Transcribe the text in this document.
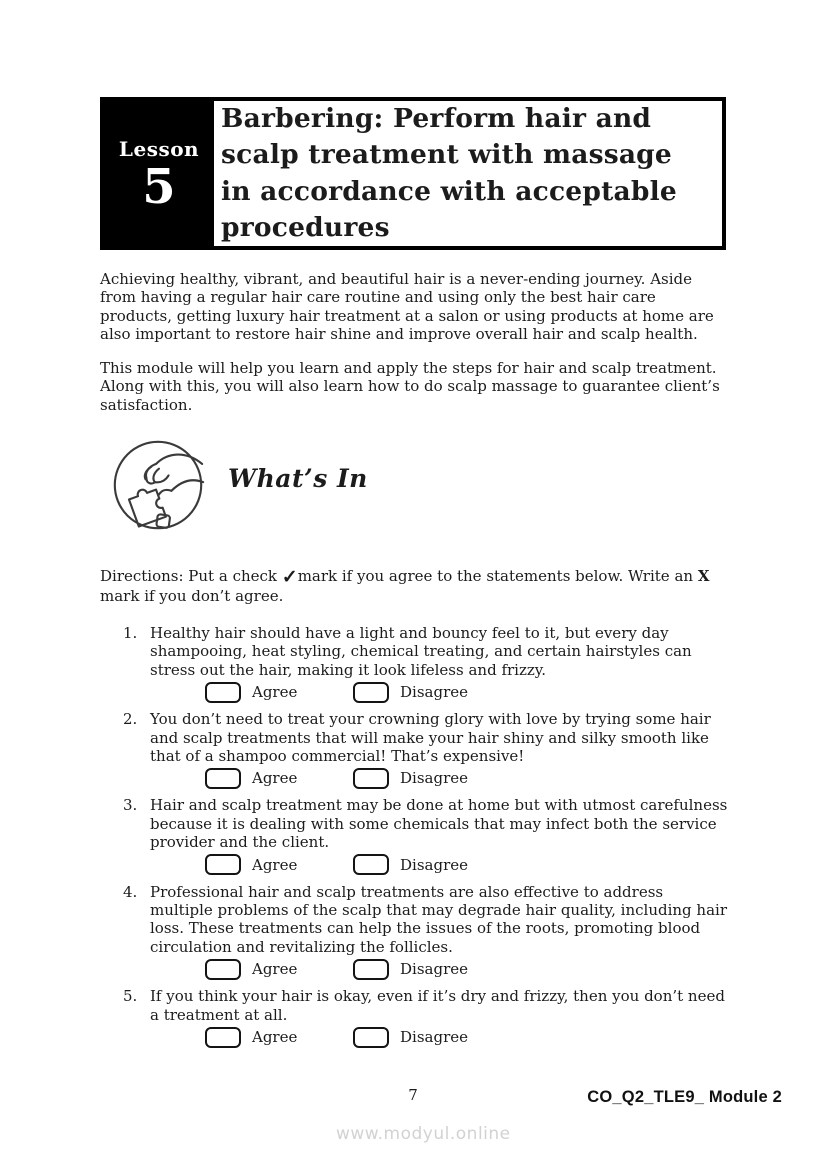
Lesson
5
Barbering: Perform hair and
scalp treatment with massage
in accordance with acceptable
procedures
Achieving healthy, vibrant, and beautiful hair is a never-ending journey. Aside from having a regular hair care routine and using only the best hair care products, getting luxury hair treatment at a salon or using products at home are also important to restore hair shine and improve overall hair and scalp health.
This module will help you learn and apply the steps for hair and scalp treatment. Along with this, you will also learn how to do scalp massage to guarantee client’s satisfaction.
What’s In
Directions: Put a check ✓mark if you agree to the statements below. Write an X mark if you don’t agree.
1. Healthy hair should have a light and bouncy feel to it, but every day shampooing, heat styling, chemical treating, and certain hairstyles can stress out the hair, making it look lifeless and frizzy.
Agree	Disagree
2. You don’t need to treat your crowning glory with love by trying some hair and scalp treatments that will make your hair shiny and silky smooth like that of a shampoo commercial! That’s expensive!
Agree	Disagree
3. Hair and scalp treatment may be done at home but with utmost carefulness because it is dealing with some chemicals that may infect both the service provider and the client.
Agree	Disagree
4. Professional hair and scalp treatments are also effective to address multiple problems of the scalp that may degrade hair quality, including hair loss. These treatments can help the issues of the roots, promoting blood circulation and revitalizing the follicles.
Agree	Disagree
5. If you think your hair is okay, even if it’s dry and frizzy, then you don’t need a treatment at all.
Agree	Disagree
7	CO_Q2_TLE9_ Module 2
www.modyul.online
